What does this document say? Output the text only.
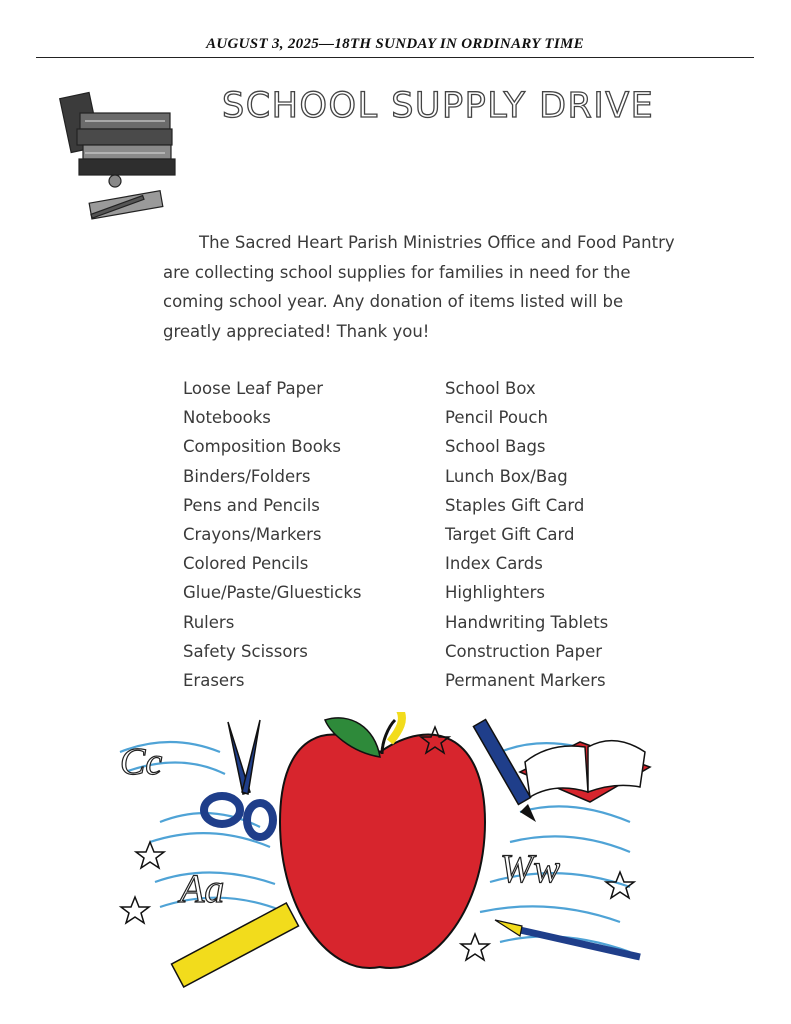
AUGUST 3, 2025—18TH SUNDAY IN ORDINARY TIME
SCHOOL SUPPLY DRIVE

The Sacred Heart Parish Ministries Office and Food Pantry are collecting school supplies for families in need for the coming school year. Any donation of items listed will be greatly appreciated! Thank you!

Loose Leaf Paper
Notebooks
Composition Books
Binders/Folders
Pens and Pencils
Crayons/Markers
Colored Pencils
Glue/Paste/Gluesticks
Rulers
Safety Scissors
Erasers
School Box
Pencil Pouch
School Bags
Lunch Box/Bag
Staples Gift Card
Target Gift Card
Index Cards
Highlighters
Handwriting Tablets
Construction Paper
Permanent Markers
Cc
Aa	Ww
